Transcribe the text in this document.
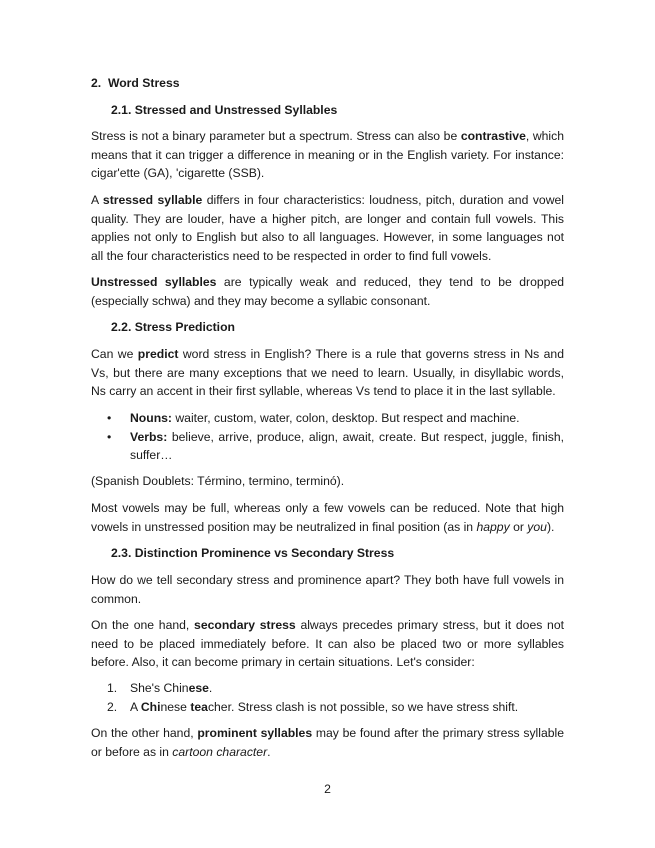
2. Word Stress
2.1. Stressed and Unstressed Syllables

Stress is not a binary parameter but a spectrum. Stress can also be contrastive, which means that it can trigger a difference in meaning or in the English variety. For instance: cigar'ette (GA), 'cigarette (SSB).

A stressed syllable differs in four characteristics: loudness, pitch, duration and vowel quality. They are louder, have a higher pitch, are longer and contain full vowels. This applies not only to English but also to all languages. However, in some languages not all the four characteristics need to be respected in order to find full vowels.

Unstressed syllables are typically weak and reduced, they tend to be dropped (especially schwa) and they may become a syllabic consonant.

2.2. Stress Prediction

Can we predict word stress in English? There is a rule that governs stress in Ns and Vs, but there are many exceptions that we need to learn. Usually, in disyllabic words, Ns carry an accent in their first syllable, whereas Vs tend to place it in the last syllable.

• Nouns: waiter, custom, water, colon, desktop. But respect and machine.
• Verbs: believe, arrive, produce, align, await, create. But respect, juggle, finish, suffer…

(Spanish Doublets: Término, termino, terminó).

Most vowels may be full, whereas only a few vowels can be reduced. Note that high vowels in unstressed position may be neutralized in final position (as in happy or you).

2.3. Distinction Prominence vs Secondary Stress

How do we tell secondary stress and prominence apart? They both have full vowels in common.

On the one hand, secondary stress always precedes primary stress, but it does not need to be placed immediately before. It can also be placed two or more syllables before. Also, it can become primary in certain situations. Let's consider:

1. She's Chinese.
2. A Chinese teacher. Stress clash is not possible, so we have stress shift.

On the other hand, prominent syllables may be found after the primary stress syllable or before as in cartoon character.

2
